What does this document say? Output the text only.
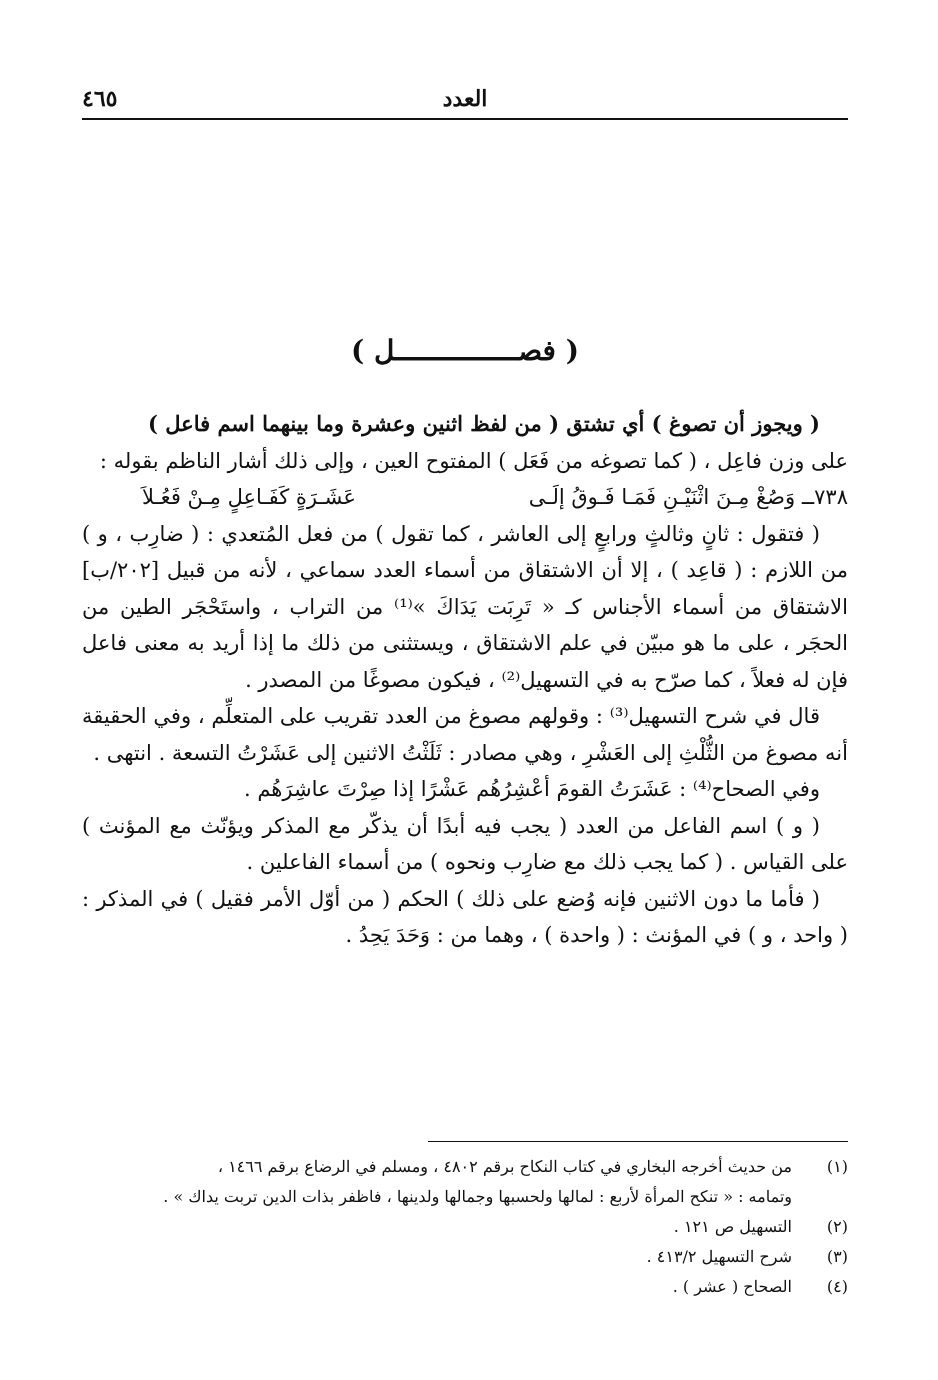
العدد
٤٦٥
( فصـــــــــــــــل )

( ويجوز أن تصوغ ) أي تشتق ( من لفظ اثنين وعشرة وما بينهما اسم فاعل )

على وزن فاعِل ، ( كما تصوغه من فَعَل ) المفتوح العين ، وإلى ذلك أشار الناظم بقوله :

٧٣٨ــ وَصُغْ مِـنَ اثْنَيْـنِ فَمَـا فَـوقُ إلَـى
عَشَـرَةٍ كَفَـاعِلٍ مِـنْ فَعُـلاَ

( فتقول : ثانٍ وثالثٍ ورابعٍ إلى العاشر ، كما تقول ) من فعل المُتعدي : ( ضارِب ، و ) من اللازم : ( قاعِد ) ، إلا أن الاشتقاق من أسماء العدد سماعي ، لأنه من قبيل [٢٠٢/ب] الاشتقاق من أسماء الأجناس كـ « تَرِبَت يَدَاكَ »⁽¹⁾ من التراب ، واستَحْجَر الطين من الحجَر ، على ما هو مبيّن في علم الاشتقاق ، ويستثنى من ذلك ما إذا أريد به معنى فاعل فإن له فعلاً ، كما صرّح به في التسهيل⁽²⁾ ، فيكون مصوغًا من المصدر .

قال في شرح التسهيل⁽³⁾ : وقولهم مصوغ من العدد تقريب على المتعلِّم ، وفي الحقيقة أنه مصوغ من الثُّلْثِ إلى العَشْرِ ، وهي مصادر : ثَلَثْتُ الاثنين إلى عَشَرْتُ التسعة . انتهى .

وفي الصحاح⁽⁴⁾ : عَشَرَتُ القومَ أعْشِرُهُم عَشْرًا إذا صِرْتَ عاشِرَهُم .

( و ) اسم الفاعل من العدد ( يجب فيه أبدًا أن يذكّر مع المذكر ويؤنّث مع المؤنث ) على القياس . ( كما يجب ذلك مع ضارِب ونحوه ) من أسماء الفاعلين .

( فأما ما دون الاثنين فإنه وُضع على ذلك ) الحكم ( من أوّل الأمر فقيل ) في المذكر : ( واحد ، و ) في المؤنث : ( واحدة ) ، وهما من : وَحَدَ يَحِدُ .

(١)
من حديث أخرجه البخاري في كتاب النكاح برقم ٤٨٠٢ ، ومسلم في الرضاع برقم ١٤٦٦ ،
وتمامه : « تنكح المرأة لأربع : لمالها ولحسبها وجمالها ولدينها ، فاظفر بذات الدين تربت يداك » .
(٢)
التسهيل ص ١٢١ .
(٣)
شرح التسهيل ٤١٣/٢ .
(٤)
الصحاح ( عشر ) .
